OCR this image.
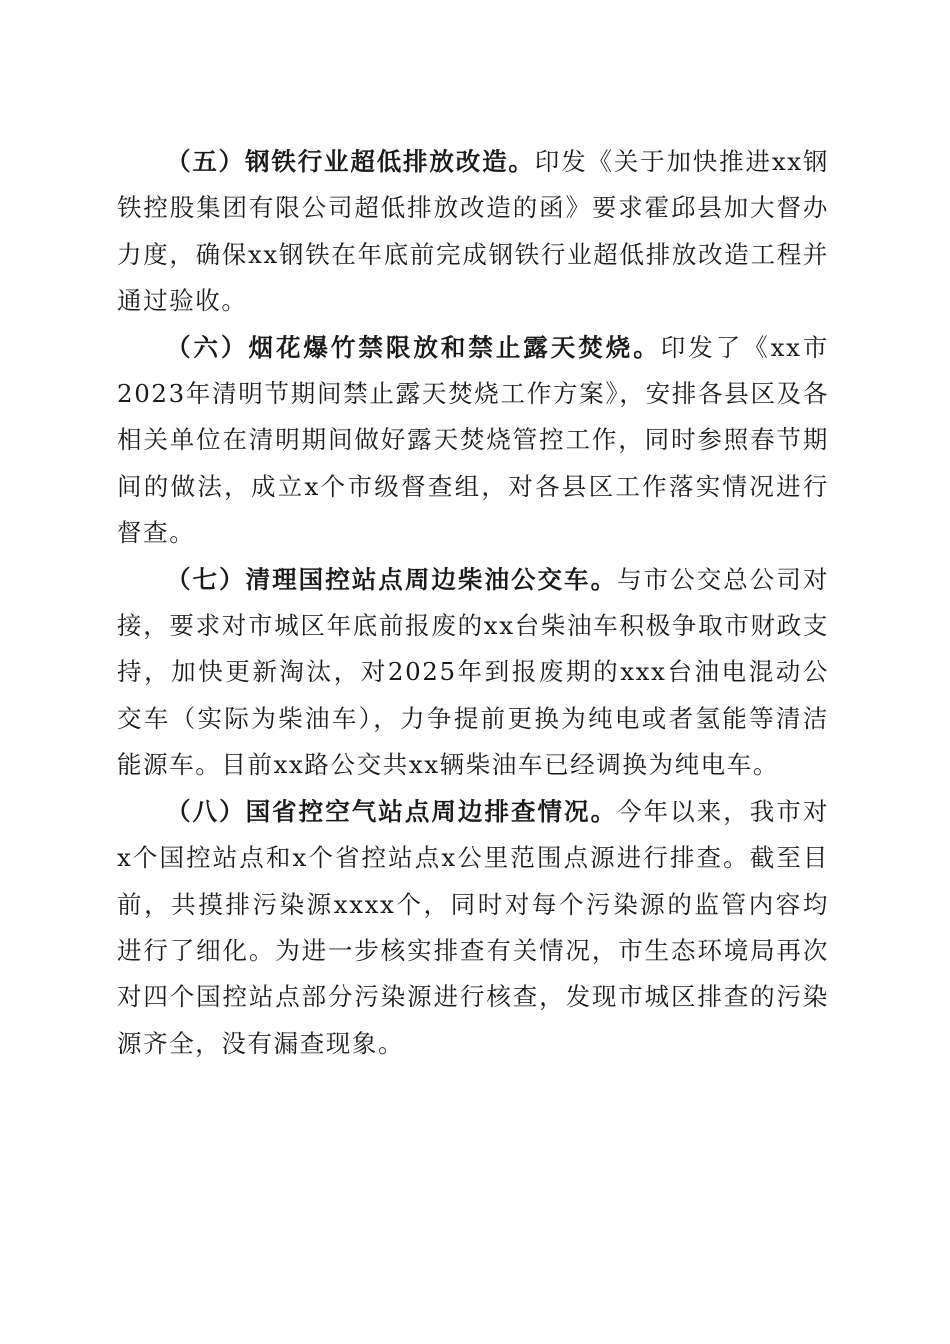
（五）钢铁行业超低排放改造。印发《关于加快推进xx钢铁控股集团有限公司超低排放改造的函》要求霍邱县加大督办力度，确保xx钢铁在年底前完成钢铁行业超低排放改造工程并通过验收。

（六）烟花爆竹禁限放和禁止露天焚烧。印发了《xx市2023年清明节期间禁止露天焚烧工作方案》，安排各县区及各相关单位在清明期间做好露天焚烧管控工作，同时参照春节期间的做法，成立x个市级督查组，对各县区工作落实情况进行督查。

（七）清理国控站点周边柴油公交车。与市公交总公司对接，要求对市城区年底前报废的xx台柴油车积极争取市财政支持，加快更新淘汰，对2025年到报废期的xxx台油电混动公交车（实际为柴油车），力争提前更换为纯电或者氢能等清洁能源车。目前xx路公交共xx辆柴油车已经调换为纯电车。

（八）国省控空气站点周边排查情况。今年以来，我市对x个国控站点和x个省控站点x公里范围点源进行排查。截至目前，共摸排污染源xxxx个，同时对每个污染源的监管内容均进行了细化。为进一步核实排查有关情况，市生态环境局再次对四个国控站点部分污染源进行核查，发现市城区排查的污染源齐全，没有漏查现象。
